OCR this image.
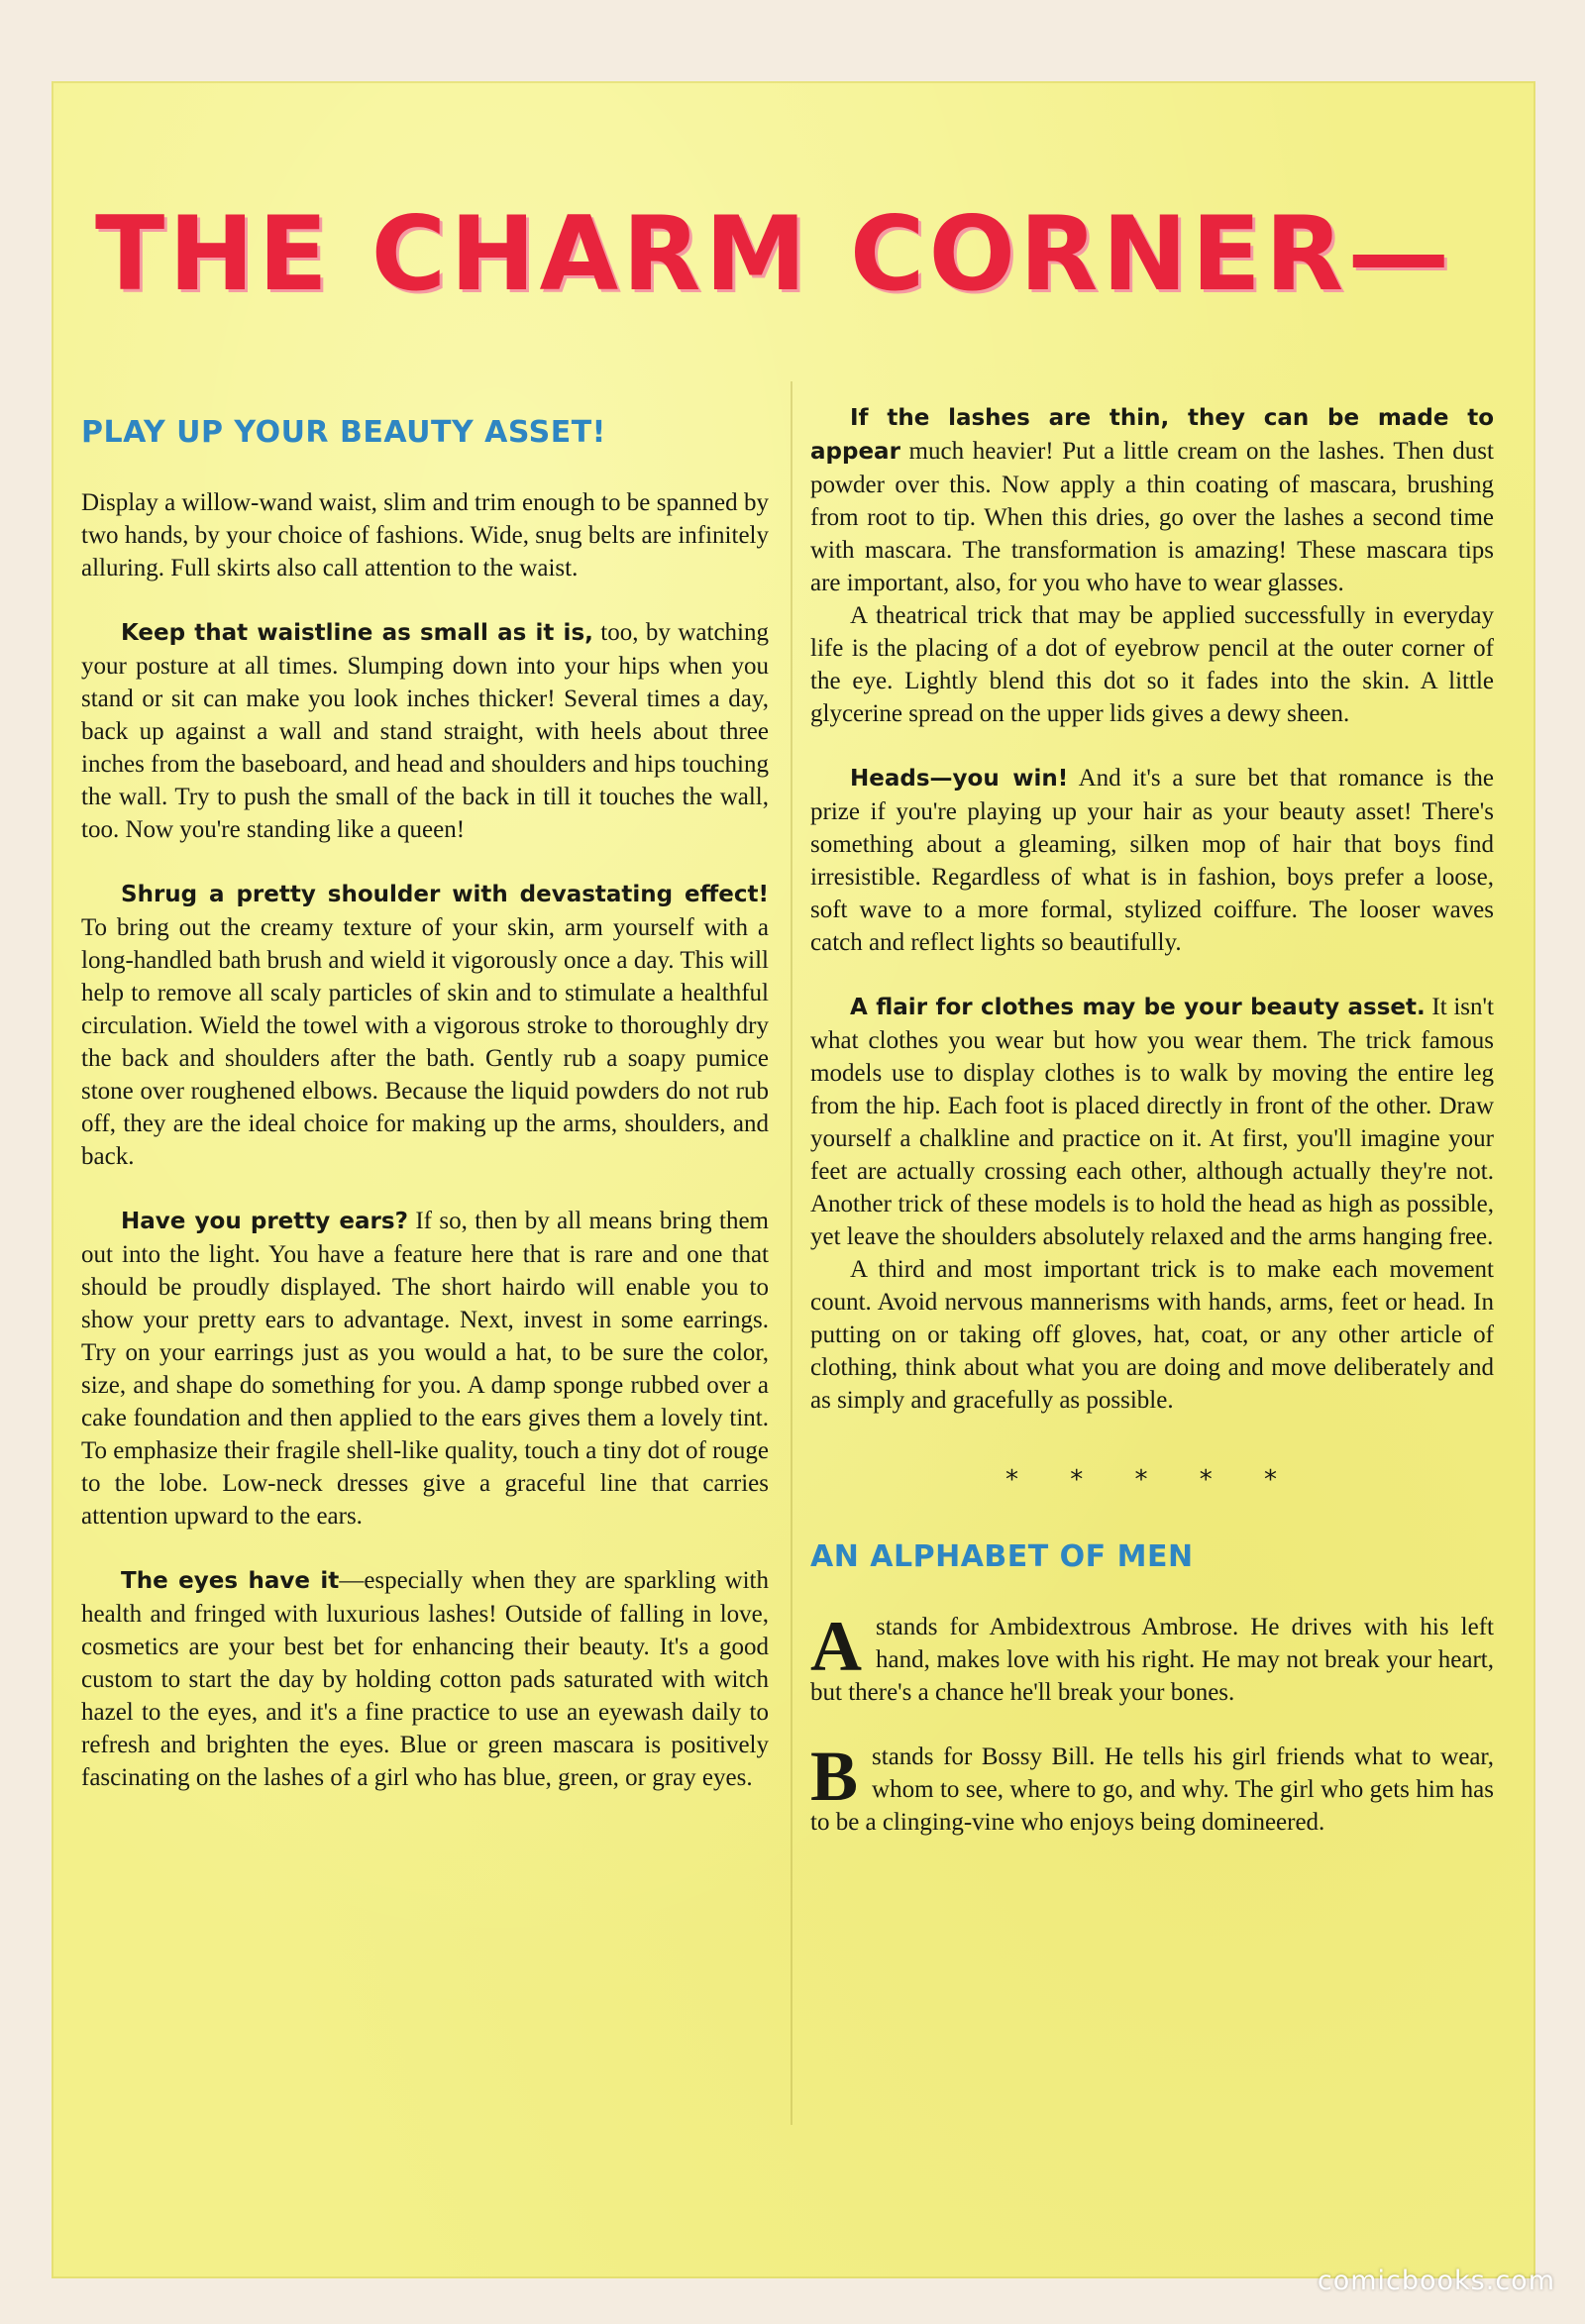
THE CHARM CORNER—
PLAY UP YOUR BEAUTY ASSET!

Display a willow-wand waist, slim and trim enough to be spanned by two hands, by your choice of fashions. Wide, snug belts are infinitely alluring. Full skirts also call attention to the waist.

Keep that waistline as small as it is, too, by watching your posture at all times. Slumping down into your hips when you stand or sit can make you look inches thicker! Several times a day, back up against a wall and stand straight, with heels about three inches from the baseboard, and head and shoulders and hips touching the wall. Try to push the small of the back in till it touches the wall, too. Now you're standing like a queen!

Shrug a pretty shoulder with devastating effect! To bring out the creamy texture of your skin, arm yourself with a long-handled bath brush and wield it vigorously once a day. This will help to remove all scaly particles of skin and to stimulate a healthful circulation. Wield the towel with a vigorous stroke to thoroughly dry the back and shoulders after the bath. Gently rub a soapy pumice stone over roughened elbows. Because the liquid powders do not rub off, they are the ideal choice for making up the arms, shoulders, and back.

Have you pretty ears? If so, then by all means bring them out into the light. You have a feature here that is rare and one that should be proudly displayed. The short hairdo will enable you to show your pretty ears to advantage. Next, invest in some earrings. Try on your earrings just as you would a hat, to be sure the color, size, and shape do something for you. A damp sponge rubbed over a cake foundation and then applied to the ears gives them a lovely tint. To emphasize their fragile shell-like quality, touch a tiny dot of rouge to the lobe. Low-neck dresses give a graceful line that carries attention upward to the ears.

The eyes have it—especially when they are sparkling with health and fringed with luxurious lashes! Outside of falling in love, cosmetics are your best bet for enhancing their beauty. It's a good custom to start the day by holding cotton pads saturated with witch hazel to the eyes, and it's a fine practice to use an eyewash daily to refresh and brighten the eyes. Blue or green mascara is positively fascinating on the lashes of a girl who has blue, green, or gray eyes.

If the lashes are thin, they can be made to appear much heavier! Put a little cream on the lashes. Then dust powder over this. Now apply a thin coating of mascara, brushing from root to tip. When this dries, go over the lashes a second time with mascara. The transformation is amazing! These mascara tips are important, also, for you who have to wear glasses.

A theatrical trick that may be applied successfully in everyday life is the placing of a dot of eyebrow pencil at the outer corner of the eye. Lightly blend this dot so it fades into the skin. A little glycerine spread on the upper lids gives a dewy sheen.

Heads—you win! And it's a sure bet that romance is the prize if you're playing up your hair as your beauty asset! There's something about a gleaming, silken mop of hair that boys find irresistible. Regardless of what is in fashion, boys prefer a loose, soft wave to a more formal, stylized coiffure. The looser waves catch and reflect lights so beautifully.

A flair for clothes may be your beauty asset. It isn't what clothes you wear but how you wear them. The trick famous models use to display clothes is to walk by moving the entire leg from the hip. Each foot is placed directly in front of the other. Draw yourself a chalkline and practice on it. At first, you'll imagine your feet are actually crossing each other, although actually they're not. Another trick of these models is to hold the head as high as possible, yet leave the shoulders absolutely relaxed and the arms hanging free.

A third and most important trick is to make each movement count. Avoid nervous mannerisms with hands, arms, feet or head. In putting on or taking off gloves, hat, coat, or any other article of clothing, think about what you are doing and move deliberately and as simply and gracefully as possible.

* * * * *
AN ALPHABET OF MEN

Astands for Ambidextrous Ambrose. He drives with his left hand, makes love with his right. He may not break your heart, but there's a chance he'll break your bones.

Bstands for Bossy Bill. He tells his girl friends what to wear, whom to see, where to go, and why. The girl who gets him has to be a clinging-vine who enjoys being domineered.

comicbooks.com
